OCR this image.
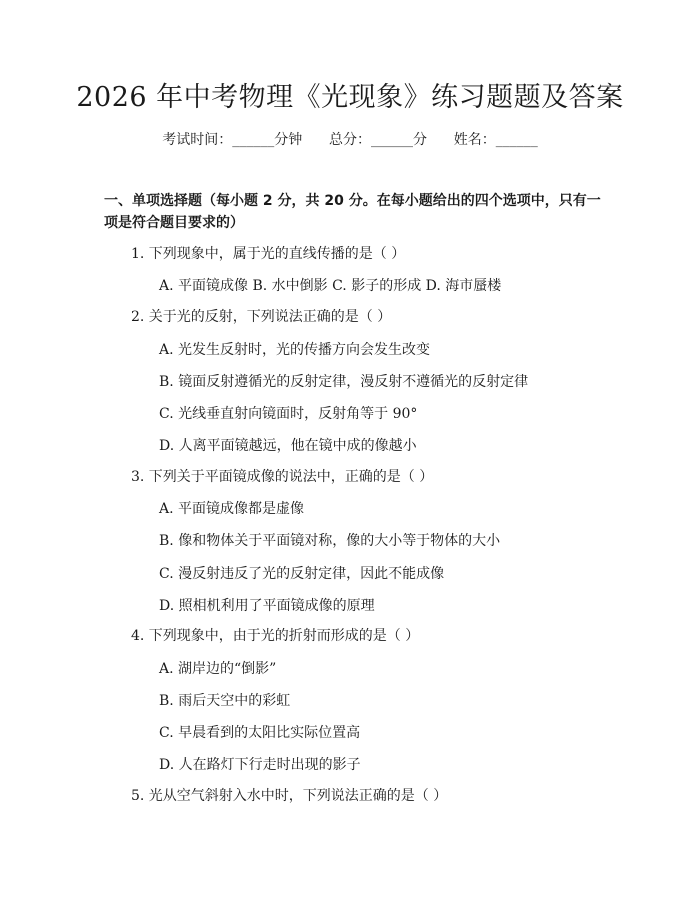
2026 年中考物理《光现象》练习题题及答案
考试时间：______分钟      总分：______分      姓名：______
一、单项选择题（每小题 2 分，共 20 分。在每小题给出的四个选项中，只有一项是符合题目要求的）
1. 下列现象中，属于光的直线传播的是（ ）
A. 平面镜成像 B. 水中倒影 C. 影子的形成 D. 海市蜃楼
2. 关于光的反射，下列说法正确的是（ ）
A. 光发生反射时，光的传播方向会发生改变
B. 镜面反射遵循光的反射定律，漫反射不遵循光的反射定律
C. 光线垂直射向镜面时，反射角等于 90°
D. 人离平面镜越远，他在镜中成的像越小
3. 下列关于平面镜成像的说法中，正确的是（ ）
A. 平面镜成像都是虚像
B. 像和物体关于平面镜对称，像的大小等于物体的大小
C. 漫反射违反了光的反射定律，因此不能成像
D. 照相机利用了平面镜成像的原理
4. 下列现象中，由于光的折射而形成的是（ ）
A. 湖岸边的“倒影”
B. 雨后天空中的彩虹
C. 早晨看到的太阳比实际位置高
D. 人在路灯下行走时出现的影子
5. 光从空气斜射入水中时，下列说法正确的是（ ）
